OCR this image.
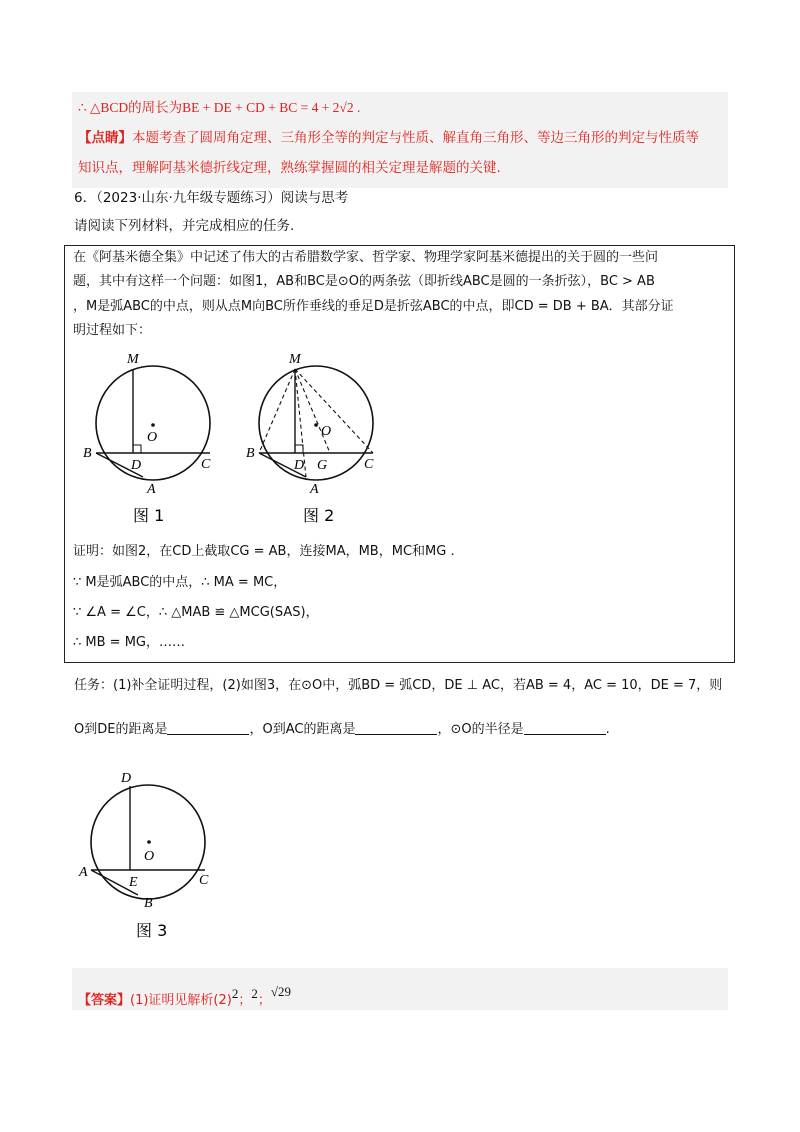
∴ △BCD的周长为BE + DE + CD + BC = 4 + 2√2 .
【点睛】本题考查了圆周角定理、三角形全等的判定与性质、解直角三角形、等边三角形的判定与性质等
知识点，理解阿基米德折线定理，熟练掌握圆的相关定理是解题的关键.
6．（2023·山东·九年级专题练习）阅读与思考
请阅读下列材料，并完成相应的任务.
在《阿基米德全集》中记述了伟大的古希腊数学家、哲学家、物理学家阿基米德提出的关于圆的一些问
题，其中有这样一个问题：如图1，AB和BC是⊙O的两条弦（即折线ABC是圆的一条折弦），BC > AB
，M是弧ABC的中点，则从点M向BC所作垂线的垂足D是折弦ABC的中点，即CD = DB + BA．其部分证
明过程如下：
M
O
B
D	C
A
图 1
M
O
B
D G	C
A
图 2
证明：如图2，在CD上截取CG = AB，连接MA，MB，MC和MG .
∵ M是弧ABC的中点，∴ MA = MC，
∵ ∠A = ∠C，∴ △MAB ≌ △MCG(SAS)，
∴ MB = MG，……
任务：(1)补全证明过程，(2)如图3，在⊙O中，弧BD = 弧CD，DE ⊥ AC，若AB = 4，AC = 10，DE = 7，则
O到DE的距离是	，O到AC的距离是	，⊙O的半径是	.
D
O
A
E	C
B
图 3
【答案】(1)证明见解析(2)2；2；√29
